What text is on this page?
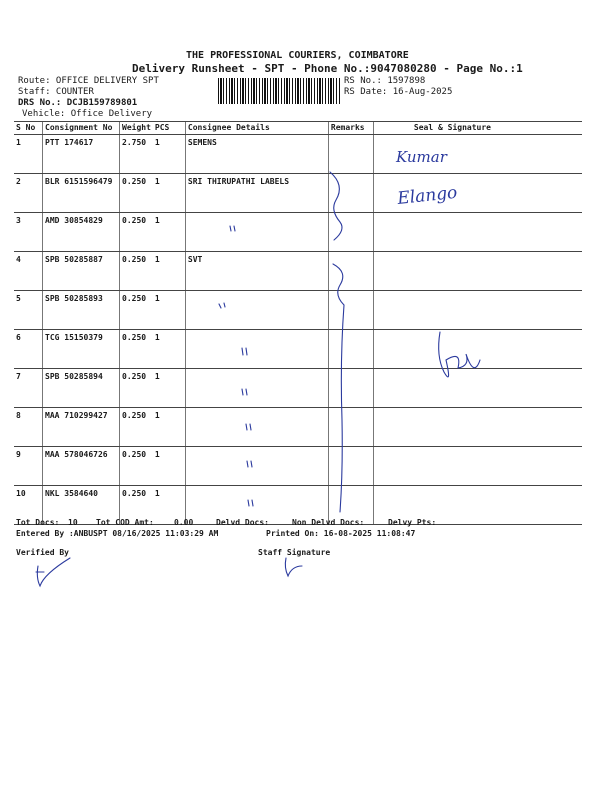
THE PROFESSIONAL COURIERS, COIMBATORE
Delivery Runsheet - SPT - Phone No.:9047080280 - Page No.:1
Route: OFFICE DELIVERY SPT
Staff: COUNTER
DRS No.: DCJB159789801
Vehicle: Office Delivery
RS No.: 1597898
RS Date: 16-Aug-2025
S No	Consignment No	Weight	PCS	Consignee Details	Remarks	Seal & Signature
1	PTT 174617	2.750	1	SEMENS		
2	BLR 6151596479	0.250	1	SRI THIRUPATHI LABELS		
3	AMD 30854829	0.250	1			
4	SPB 50285887	0.250	1	SVT		
5	SPB 50285893	0.250	1			
6	TCG 15150379	0.250	1			
7	SPB 50285894	0.250	1			
8	MAA 710299427	0.250	1			
9	MAA 578046726	0.250	1			
10	NKL 3584640	0.250	1			
Kumar
Elango
Tot Docs: 10 Tot COD Amt:	0.00	Delvd Docs:	Non Delvd Docs:	Delvy Pts:
Entered By :ANBUSPT 08/16/2025 11:03:29 AM	Printed On: 16-08-2025 11:08:47
Verified By	Staff Signature
